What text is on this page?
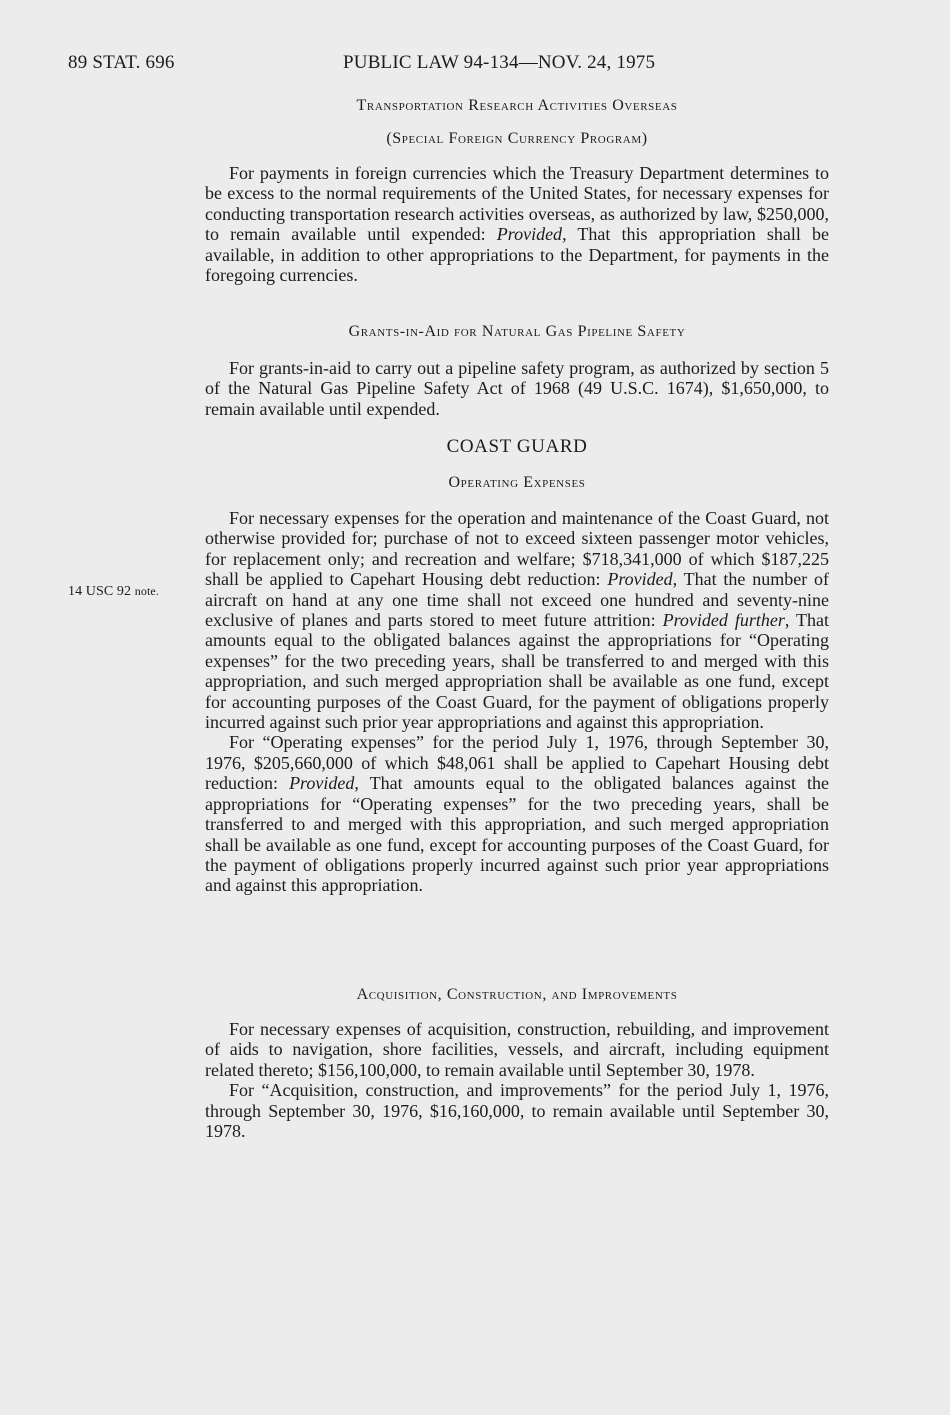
89 STAT. 696	PUBLIC LAW 94-134—NOV. 24, 1975
Transportation Research Activities Overseas
(Special Foreign Currency Program)

For payments in foreign currencies which the Treasury Department determines to be excess to the normal requirements of the United States, for necessary expenses for conducting transportation research activities overseas, as authorized by law, $250,000, to remain available until expended: Provided, That this appropriation shall be available, in addition to other appropriations to the Department, for payments in the foregoing currencies.

Grants-in-Aid for Natural Gas Pipeline Safety

For grants-in-aid to carry out a pipeline safety program, as authorized by section 5 of the Natural Gas Pipeline Safety Act of 1968 (49 U.S.C. 1674), $1,650,000, to remain available until expended.

COAST GUARD
Operating Expenses

For necessary expenses for the operation and maintenance of the Coast Guard, not otherwise provided for; purchase of not to exceed sixteen passenger motor vehicles, for replacement only; and recreation and welfare; $718,341,000 of which $187,225 shall be applied to Capehart Housing debt reduction: Provided, That the number of aircraft on hand at any one time shall not exceed one hundred and seventy-nine exclusive of planes and parts stored to meet future attrition: Provided further, That amounts equal to the obligated balances against the appropriations for “Operating expenses” for the two preceding years, shall be transferred to and merged with this appropriation, and such merged appropriation shall be available as one fund, except for accounting purposes of the Coast Guard, for the payment of obligations properly incurred against such prior year appropriations and against this appropriation.

For “Operating expenses” for the period July 1, 1976, through September 30, 1976, $205,660,000 of which $48,061 shall be applied to Capehart Housing debt reduction: Provided, That amounts equal to the obligated balances against the appropriations for “Operating expenses” for the two preceding years, shall be transferred to and merged with this appropriation, and such merged appropriation shall be available as one fund, except for accounting purposes of the Coast Guard, for the payment of obligations properly incurred against such prior year appropriations and against this appropriation.

Acquisition, Construction, and Improvements

For necessary expenses of acquisition, construction, rebuilding, and improvement of aids to navigation, shore facilities, vessels, and aircraft, including equipment related thereto; $156,100,000, to remain available until September 30, 1978.

For “Acquisition, construction, and improvements” for the period July 1, 1976, through September 30, 1976, $16,160,000, to remain available until September 30, 1978.

14 USC 92 note.
